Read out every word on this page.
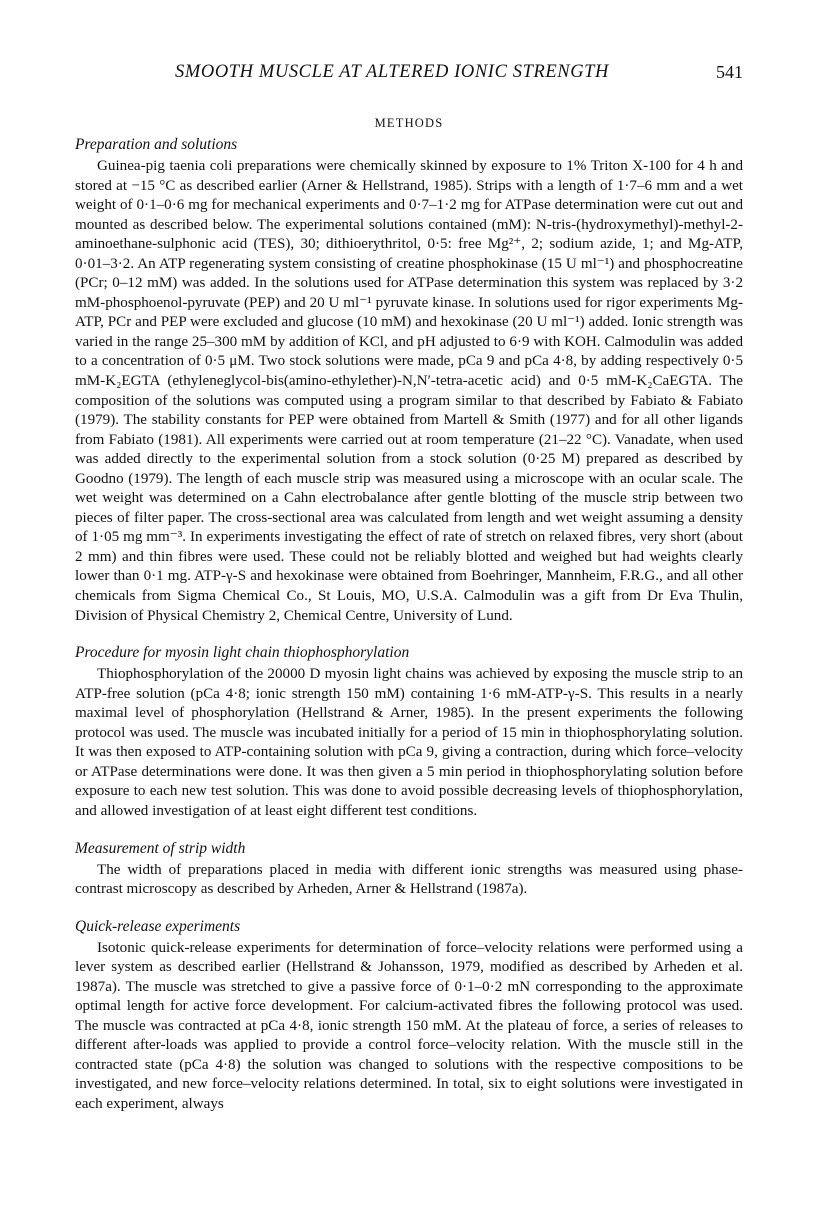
SMOOTH MUSCLE AT ALTERED IONIC STRENGTH	541
METHODS
Preparation and solutions

Guinea-pig taenia coli preparations were chemically skinned by exposure to 1% Triton X-100 for 4 h and stored at −15 °C as described earlier (Arner & Hellstrand, 1985). Strips with a length of 1·7–6 mm and a wet weight of 0·1–0·6 mg for mechanical experiments and 0·7–1·2 mg for ATPase determination were cut out and mounted as described below. The experimental solutions contained (mM): N-tris-(hydroxymethyl)-methyl-2-aminoethane-sulphonic acid (TES), 30; dithioerythritol, 0·5: free Mg²⁺, 2; sodium azide, 1; and Mg-ATP, 0·01–3·2. An ATP regenerating system consisting of creatine phosphokinase (15 U ml⁻¹) and phosphocreatine (PCr; 0–12 mM) was added. In the solutions used for ATPase determination this system was replaced by 3·2 mM-phosphoenol-pyruvate (PEP) and 20 U ml⁻¹ pyruvate kinase. In solutions used for rigor experiments Mg-ATP, PCr and PEP were excluded and glucose (10 mM) and hexokinase (20 U ml⁻¹) added. Ionic strength was varied in the range 25–300 mM by addition of KCl, and pH adjusted to 6·9 with KOH. Calmodulin was added to a concentration of 0·5 μM. Two stock solutions were made, pCa 9 and pCa 4·8, by adding respectively 0·5 mM-K₂EGTA (ethyleneglycol-bis(amino-ethylether)-N,N′-tetra-acetic acid) and 0·5 mM-K₂CaEGTA. The composition of the solutions was computed using a program similar to that described by Fabiato & Fabiato (1979). The stability constants for PEP were obtained from Martell & Smith (1977) and for all other ligands from Fabiato (1981). All experiments were carried out at room temperature (21–22 °C). Vanadate, when used was added directly to the experimental solution from a stock solution (0·25 M) prepared as described by Goodno (1979). The length of each muscle strip was measured using a microscope with an ocular scale. The wet weight was determined on a Cahn electrobalance after gentle blotting of the muscle strip between two pieces of filter paper. The cross-sectional area was calculated from length and wet weight assuming a density of 1·05 mg mm⁻³. In experiments investigating the effect of rate of stretch on relaxed fibres, very short (about 2 mm) and thin fibres were used. These could not be reliably blotted and weighed but had weights clearly lower than 0·1 mg. ATP-γ-S and hexokinase were obtained from Boehringer, Mannheim, F.R.G., and all other chemicals from Sigma Chemical Co., St Louis, MO, U.S.A. Calmodulin was a gift from Dr Eva Thulin, Division of Physical Chemistry 2, Chemical Centre, University of Lund.

Procedure for myosin light chain thiophosphorylation

Thiophosphorylation of the 20000 D myosin light chains was achieved by exposing the muscle strip to an ATP-free solution (pCa 4·8; ionic strength 150 mM) containing 1·6 mM-ATP-γ-S. This results in a nearly maximal level of phosphorylation (Hellstrand & Arner, 1985). In the present experiments the following protocol was used. The muscle was incubated initially for a period of 15 min in thiophosphorylating solution. It was then exposed to ATP-containing solution with pCa 9, giving a contraction, during which force–velocity or ATPase determinations were done. It was then given a 5 min period in thiophosphorylating solution before exposure to each new test solution. This was done to avoid possible decreasing levels of thiophosphorylation, and allowed investigation of at least eight different test conditions.

Measurement of strip width

The width of preparations placed in media with different ionic strengths was measured using phase-contrast microscopy as described by Arheden, Arner & Hellstrand (1987a).

Quick-release experiments

Isotonic quick-release experiments for determination of force–velocity relations were performed using a lever system as described earlier (Hellstrand & Johansson, 1979, modified as described by Arheden et al. 1987a). The muscle was stretched to give a passive force of 0·1–0·2 mN corresponding to the approximate optimal length for active force development. For calcium-activated fibres the following protocol was used. The muscle was contracted at pCa 4·8, ionic strength 150 mM. At the plateau of force, a series of releases to different after-loads was applied to provide a control force–velocity relation. With the muscle still in the contracted state (pCa 4·8) the solution was changed to solutions with the respective compositions to be investigated, and new force–velocity relations determined. In total, six to eight solutions were investigated in each experiment, always
